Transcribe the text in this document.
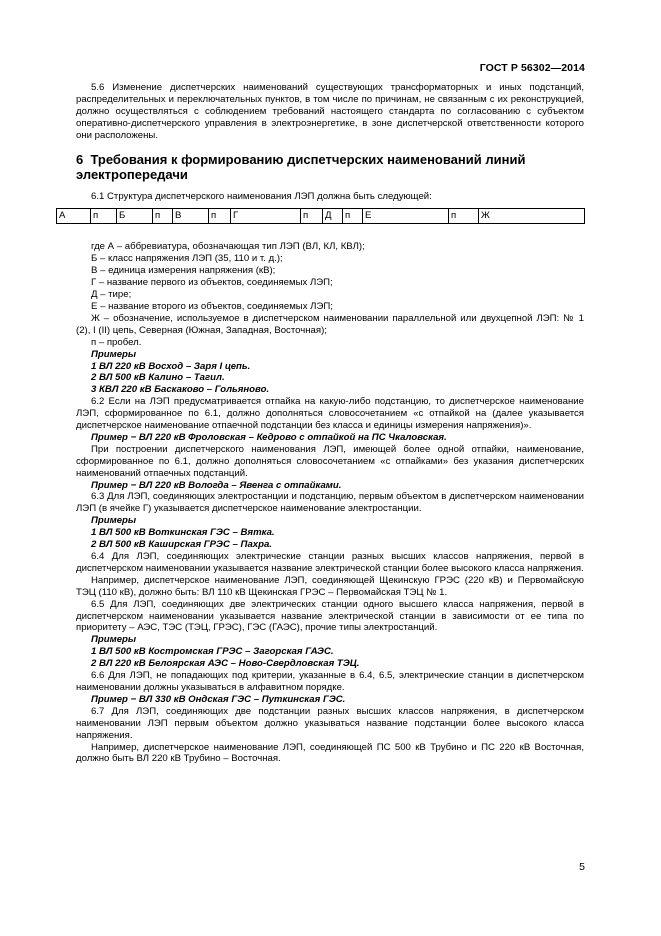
ГОСТ Р 56302—2014

5.6 Изменение диспетчерских наименований существующих трансформаторных и иных подстанций, распределительных и переключательных пунктов, в том числе по причинам, не связанным с их реконструкцией, должно осуществляться с соблюдением требований настоящего стандарта по согласованию с субъектом оперативно-диспетчерского управления в электроэнергетике, в зоне диспетчерской ответственности которого они расположены.

6 Требования к формированию диспетчерских наименований линий электропередачи

6.1 Структура диспетчерского наименования ЛЭП должна быть следующей:

А	п	Б	п	В	п	Г	п	Д	п	Е	п	Ж

где А – аббревиатура, обозначающая тип ЛЭП (ВЛ, КЛ, КВЛ);

Б – класс напряжения ЛЭП (35, 110 и т. д.);

В – единица измерения напряжения (кВ);

Г – название первого из объектов, соединяемых ЛЭП;

Д – тире;

Е – название второго из объектов, соединяемых ЛЭП;

Ж – обозначение, используемое в диспетчерском наименовании параллельной или двухцепной ЛЭП: № 1 (2), I (II) цепь, Северная (Южная, Западная, Восточная);

п – пробел.

Примеры

1 ВЛ 220 кВ Восход – Заря I цепь.

2 ВЛ 500 кВ Калино – Тагил.

3 КВЛ 220 кВ Баскаково – Гольяново.

6.2 Если на ЛЭП предусматривается отпайка на какую-либо подстанцию, то диспетчерское наименование ЛЭП, сформированное по 6.1, должно дополняться словосочетанием «с отпайкой на (далее указывается диспетчерское наименование отпаечной подстанции без класса и единицы измерения напряжения)».

Пример − ВЛ 220 кВ Фроловская – Кедрово с отпайкой на ПС Чкаловская.

При построении диспетчерского наименования ЛЭП, имеющей более одной отпайки, наименование, сформированное по 6.1, должно дополняться словосочетанием «с отпайками» без указания диспетчерских наименований отпаечных подстанций.

Пример − ВЛ 220 кВ Вологда – Явенга с отпайками.

6.3 Для ЛЭП, соединяющих электростанции и подстанцию, первым объектом в диспетчерском наименовании ЛЭП (в ячейке Г) указывается диспетчерское наименование электростанции.

Примеры

1 ВЛ 500 кВ Воткинская ГЭС – Вятка.

2 ВЛ 500 кВ Каширская ГРЭС – Пахра.

6.4 Для ЛЭП, соединяющих электрические станции разных высших классов напряжения, первой в диспетчерском наименовании указывается название электрической станции более высокого класса напряжения.

Например, диспетчерское наименование ЛЭП, соединяющей Щекинскую ГРЭС (220 кВ) и Первомайскую ТЭЦ (110 кВ), должно быть: ВЛ 110 кВ Щекинская ГРЭС – Первомайская ТЭЦ № 1.

6.5 Для ЛЭП, соединяющих две электрических станции одного высшего класса напряжения, первой в диспетчерском наименовании указывается название электрической станции в зависимости от ее типа по приоритету – АЭС, ТЭС (ТЭЦ, ГРЭС), ГЭС (ГАЭС), прочие типы электростанций.

Примеры

1 ВЛ 500 кВ Костромская ГРЭС – Загорская ГАЭС.

2 ВЛ 220 кВ Белоярская АЭС – Ново-Свердловская ТЭЦ.

6.6 Для ЛЭП, не попадающих под критерии, указанные в 6.4, 6.5, электрические станции в диспетчерском наименовании должны указываться в алфавитном порядке.

Пример − ВЛ 330 кВ Ондская ГЭС – Путкинская ГЭС.

6.7 Для ЛЭП, соединяющих две подстанции разных высших классов напряжения, в диспетчерском наименовании ЛЭП первым объектом должно указываться название подстанции более высокого класса напряжения.

Например, диспетчерское наименование ЛЭП, соединяющей ПС 500 кВ Трубино и ПС 220 кВ Восточная, должно быть ВЛ 220 кВ Трубино – Восточная.

5
